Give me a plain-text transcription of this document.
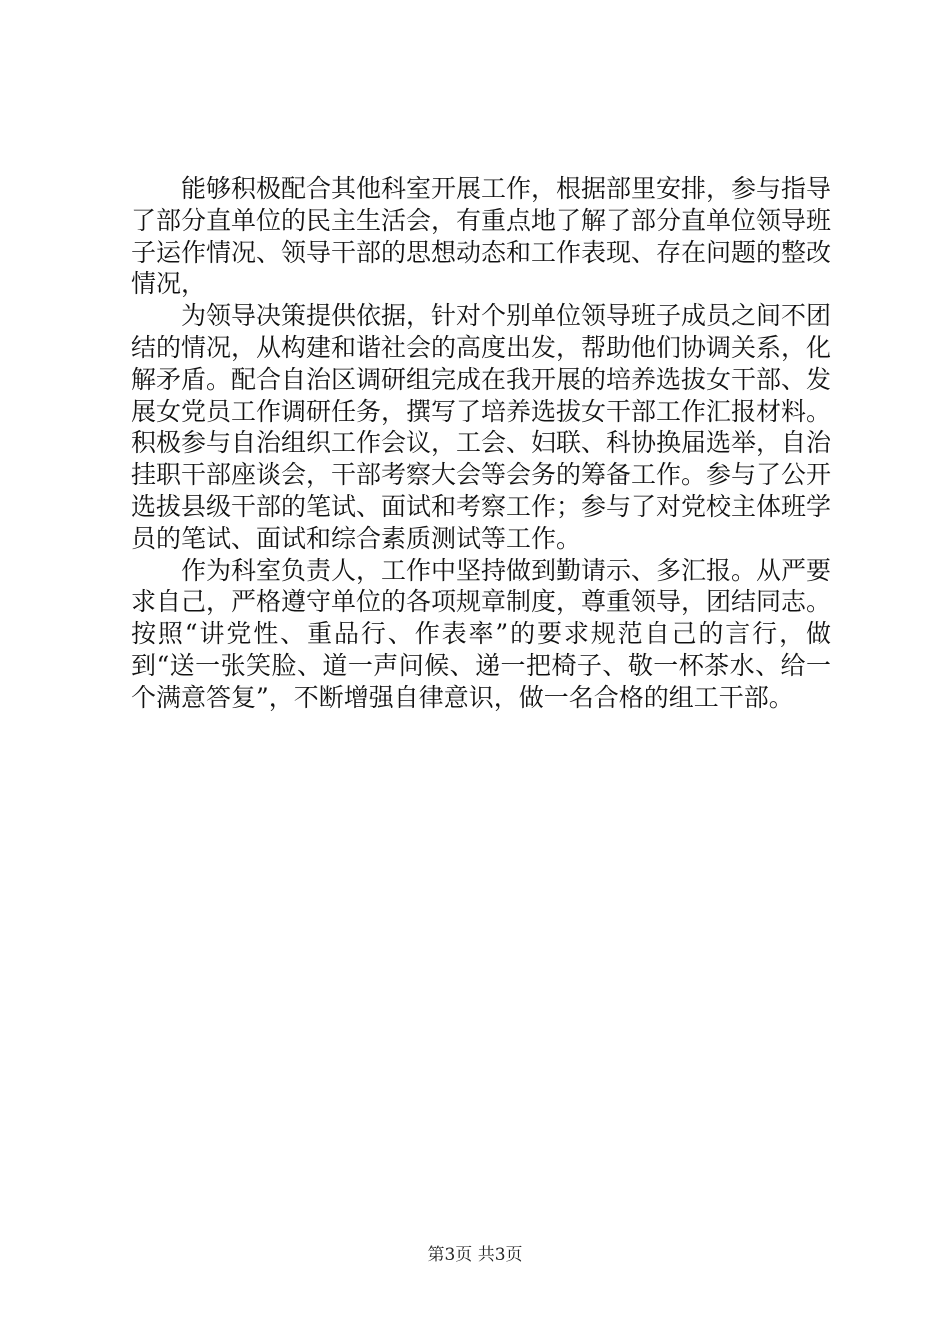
能够积极配合其他科室开展工作，根据部里安排，参与指导了部分直单位的民主生活会，有重点地了解了部分直单位领导班子运作情况、领导干部的思想动态和工作表现、存在问题的整改情况，

为领导决策提供依据，针对个别单位领导班子成员之间不团结的情况，从构建和谐社会的高度出发，帮助他们协调关系，化解矛盾。配合自治区调研组完成在我开展的培养选拔女干部、发展女党员工作调研任务，撰写了培养选拔女干部工作汇报材料。积极参与自治组织工作会议，工会、妇联、科协换届选举，自治挂职干部座谈会，干部考察大会等会务的筹备工作。参与了公开选拔县级干部的笔试、面试和考察工作；参与了对党校主体班学员的笔试、面试和综合素质测试等工作。

作为科室负责人，工作中坚持做到勤请示、多汇报。从严要求自己，严格遵守单位的各项规章制度，尊重领导，团结同志。按照“讲党性、重品行、作表率”的要求规范自己的言行，做到“送一张笑脸、道一声问候、递一把椅子、敬一杯茶水、给一个满意答复”，不断增强自律意识，做一名合格的组工干部。

第3页 共3页
